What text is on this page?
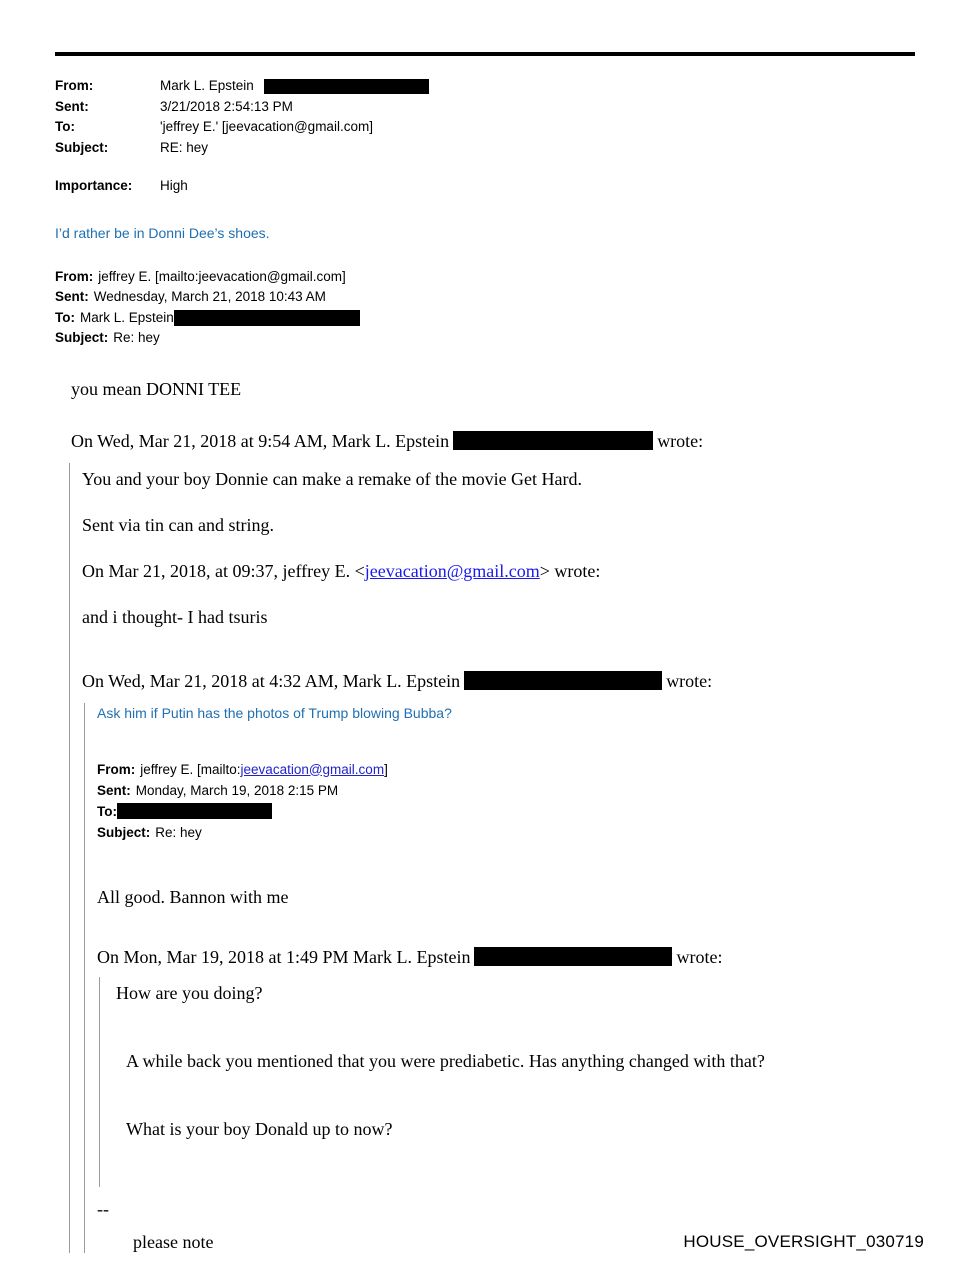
From:	Mark L. Epstein
Sent:	3/21/2018 2:54:13 PM
To:	'jeffrey E.' [jeevacation@gmail.com]
Subject:	RE: hey
Importance:	High
I’d rather be in Donni Dee’s shoes.
From: jeffrey E. [mailto:jeevacation@gmail.com]
Sent: Wednesday, March 21, 2018 10:43 AM
To: Mark L. Epstein
Subject: Re: hey
you mean DONNI TEE
On Wed, Mar 21, 2018 at 9:54 AM, Mark L. Epstein	wrote:
You and your boy Donnie can make a remake of the movie Get Hard.
Sent via tin can and string.
On Mar 21, 2018, at 09:37, jeffrey E. < jeevacation@gmail.com > wrote:
and i thought- I had tsuris
On Wed, Mar 21, 2018 at 4:32 AM, Mark L. Epstein	wrote:
Ask him if Putin has the photos of Trump blowing Bubba?
From: jeffrey E. [mailto: jeevacation@gmail.com ]
Sent: Monday, March 19, 2018 2:15 PM
To:
Subject: Re: hey
All good. Bannon with me
On Mon, Mar 19, 2018 at 1:49 PM Mark L. Epstein	wrote:
How are you doing?
A while back you mentioned that you were prediabetic. Has anything changed with that?
What is your boy Donald up to now?
--
please note	HOUSE_OVERSIGHT_030719
